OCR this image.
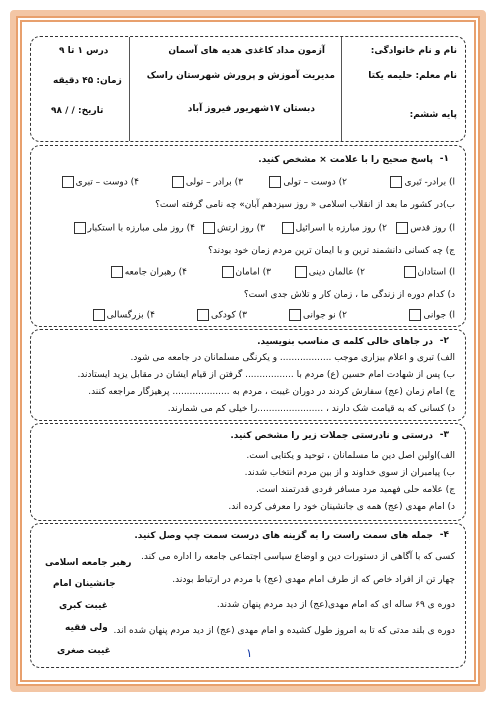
نام و نام خانوادگی:
نام معلم: حلیمه یکتا
پایه ششم:
آزمون مداد کاغذی هدیه های آسمان
مدیریت آموزش و پرورش شهرستان راسک
دبستان ۱۷شهریور فیروز آباد
درس ۱ تا ۹
زمان: ۴۵ دقیقه
تاریخ: / / ۹۸
۱-
پاسخ صحیح را با علامت × مشخص کنید.
ا) برادر- تَبری
۲) دوست – تولی
۳) برادر – تولی
۴) دوست – تبری
ب)در کشور ما بعد از انقلاب اسلامی « روز سیزدهم آبان» چه نامی گرفته است؟
ا) روز قدس
۲) روز مبارزه با اسرائیل
۳) روز ارتش
۴) روز ملی مبارزه با استکبار
ج) چه کسانی دانشمند ترین و با ایمان ترین مردم زمان خود بودند؟
ا) استادان
۲) عالمان دینی
۳) امامان
۴) رهبران جامعه
د) کدام دوره از زندگی ما ، زمان کار و تلاش جدی است؟
ا) جوانی
۲) نو جوانی
۳) کودکی
۴) بزرگسالی
۲-
در جاهای خالی کلمه ی مناسب بنویسید.
الف) تبری و اعلام بیزاری موجب .................. و یکرنگی مسلمانان در جامعه می شود.
ب) پس از شهادت امام حسین (ع) مردم با ................. گرفتن از قیام ایشان در مقابل یزید ایستادند.
ج) امام زمان (عج) سفارش کردند در دوران غیبت ، مردم به .................... پرهیزگار مراجعه کنند.
د) کسانی که به قیامت شک دارند ، .......................را خیلی کم می شمارند.
۳-
درستی و نادرستی جملات زیر را مشخص کنید.
الف)اولین اصل دین ما مسلمانان ، توحید و یکتایی است.
ب) پیامبران از سوی خداوند و از بین مردم انتخاب شدند.
ج) علامه حلی فهمید مرد مسافر فردی قدرتمند است.
د) امام مهدی (عج) همه ی جانشینان خود را معرفی کرده اند.
۴-
جمله های سمت راست را به گزینه های درست سمت چپ وصل کنید.
کسی که با آگاهی از دستورات دین و اوضاع سیاسی اجتماعی جامعه را اداره می کند.
چهار تن از افراد خاص که از طرف امام مهدی (عج) با مردم در ارتباط بودند.
دوره ی ۶۹ ساله ای که امام مهدی(عج) از دید مردم پنهان شدند.
دوره ی بلند مدتی که تا به امروز طول کشیده و امام مهدی (عج) از دید مردم پنهان شده اند.
رهبر جامعه اسلامی
جانشینان امام
غیبت کبری
ولی فقیه
غیبت صغری	۱
